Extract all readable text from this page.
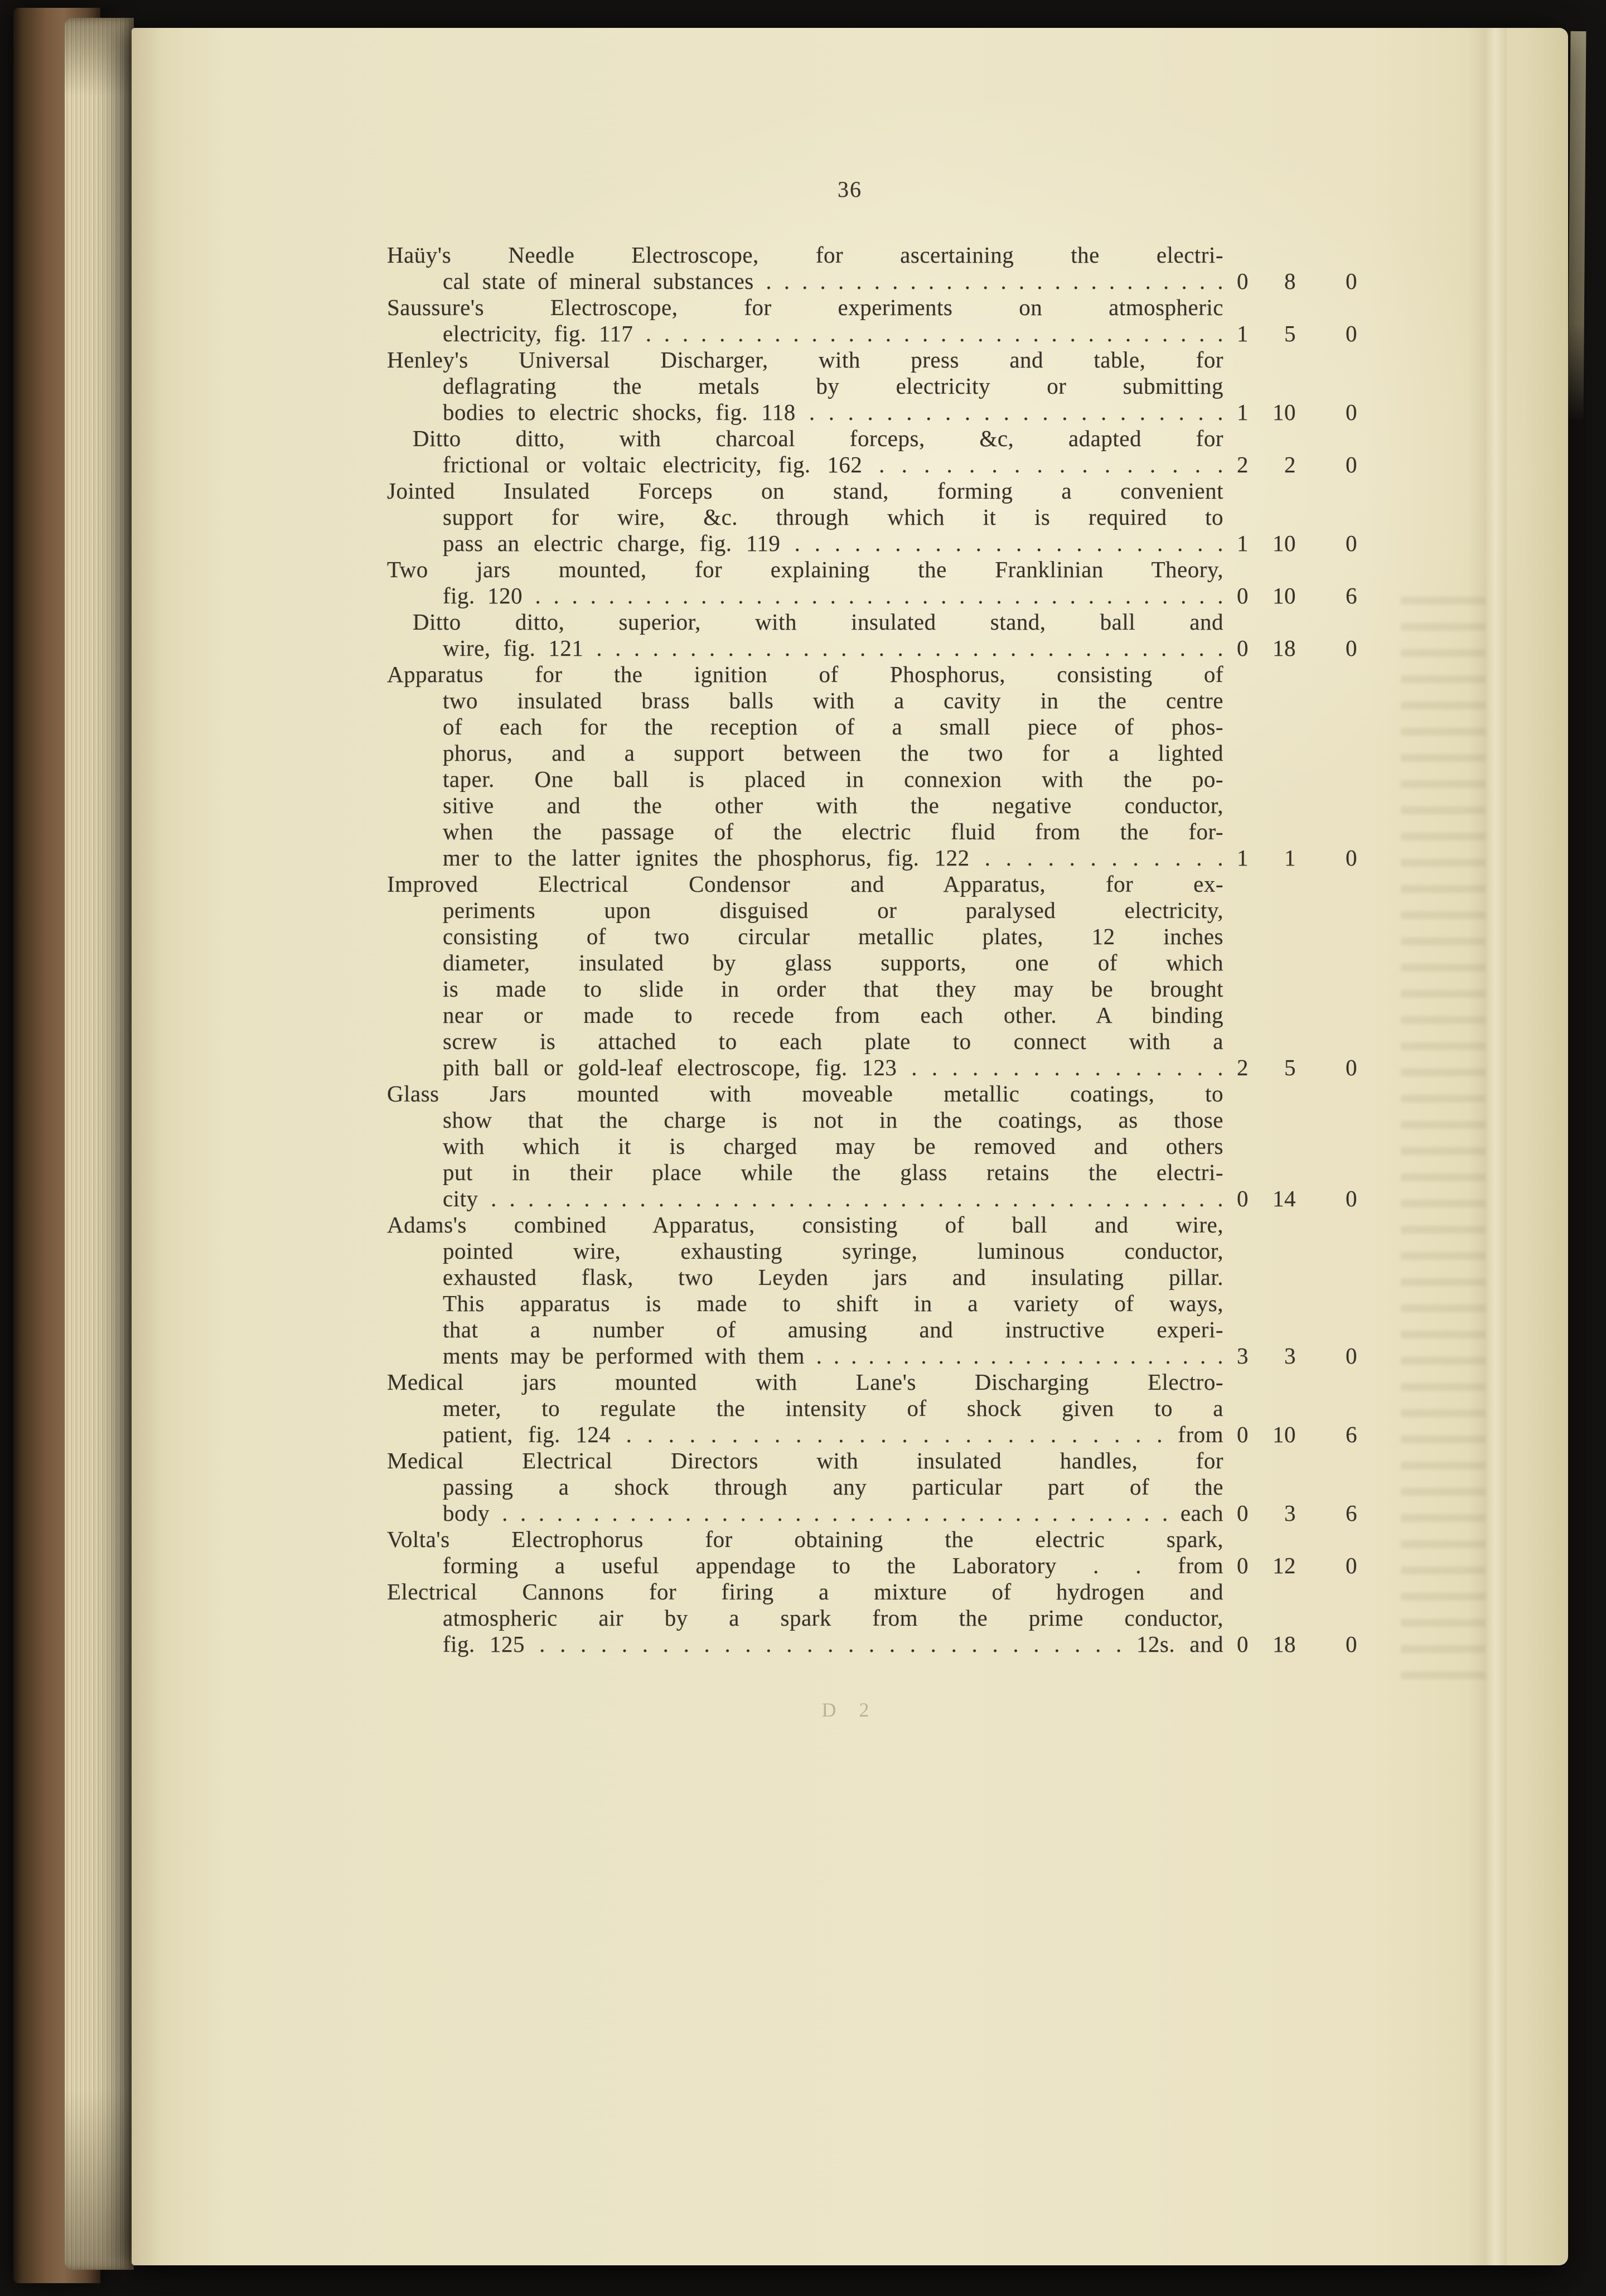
36
Haüy's Needle Electroscope, for ascertaining the electri-
cal state of mineral substances . . . . . . . . . . . . . . . . . . . . . . . . . . 0	8	0
Saussure's Electroscope, for experiments on atmospheric
electricity, fig. 117 . . . . . . . . . . . . . . . . . . . . . . . . . . . . . . . . 1	5	0
Henley's Universal Discharger, with press and table, for
deflagrating the metals by electricity or submitting
bodies to electric shocks, fig. 118 . . . . . . . . . . . . . . . . . . . . . . 1	10	0
Ditto ditto, with charcoal forceps, &c, adapted for
frictional or voltaic electricity, fig. 162 . . . . . . . . . . . . . . . . 2	2	0
Jointed Insulated Forceps on stand, forming a convenient
support for wire, &c. through which it is required to
pass an electric charge, fig. 119 . . . . . . . . . . . . . . . . . . . . . . 1	10	0
Two jars mounted, for explaining the Franklinian Theory,
fig. 120 . . . . . . . . . . . . . . . . . . . . . . . . . . . . . . . . . . . . . . 0	10	6
Ditto ditto, superior, with insulated stand, ball and
wire, fig. 121 . . . . . . . . . . . . . . . . . . . . . . . . . . . . . . . . . . 0	18	0
Apparatus for the ignition of Phosphorus, consisting of
two insulated brass balls with a cavity in the centre
of each for the reception of a small piece of phos-
phorus, and a support between the two for a lighted
taper. One ball is placed in connexion with the po-
sitive and the other with the negative conductor,
when the passage of the electric fluid from the for-
mer to the latter ignites the phosphorus, fig. 122 . . . . . . . . . . . . 1	1	0
Improved Electrical Condensor and Apparatus, for ex-
periments upon disguised or paralysed electricity,
consisting of two circular metallic plates, 12 inches
diameter, insulated by glass supports, one of which
is made to slide in order that they may be brought
near or made to recede from each other. A binding
screw is attached to each plate to connect with a
pith ball or gold-leaf electroscope, fig. 123 . . . . . . . . . . . . . . . . 2	5	0
Glass Jars mounted with moveable metallic coatings, to
show that the charge is not in the coatings, as those
with which it is charged may be removed and others
put in their place while the glass retains the electri-
city . . . . . . . . . . . . . . . . . . . . . . . . . . . . . . . . . . . . . . . . 0	14	0
Adams's combined Apparatus, consisting of ball and wire,
pointed wire, exhausting syringe, luminous conductor,
exhausted flask, two Leyden jars and insulating pillar.
This apparatus is made to shift in a variety of ways,
that a number of amusing and instructive experi-
ments may be performed with them . . . . . . . . . . . . . . . . . . . . . . . . 3	3	0
Medical jars mounted with Lane's Discharging Electro-
meter, to regulate the intensity of shock given to a
patient, fig. 124 . . . . . . . . . . . . . . . . . . . . . . . . . . from 0	10	6
Medical Electrical Directors with insulated handles, for
passing a shock through any particular part of the
body . . . . . . . . . . . . . . . . . . . . . . . . . . . . . . . . . . . . . each 0	3	6
Volta's Electrophorus for obtaining the electric spark,
forming a useful appendage to the Laboratory . . from 0	12	0
Electrical Cannons for firing a mixture of hydrogen and
atmospheric air by a spark from the prime conductor,
fig. 125 . . . . . . . . . . . . . . . . . . . . . . . . . . . . . 12s. and 0	18	0
D 2
